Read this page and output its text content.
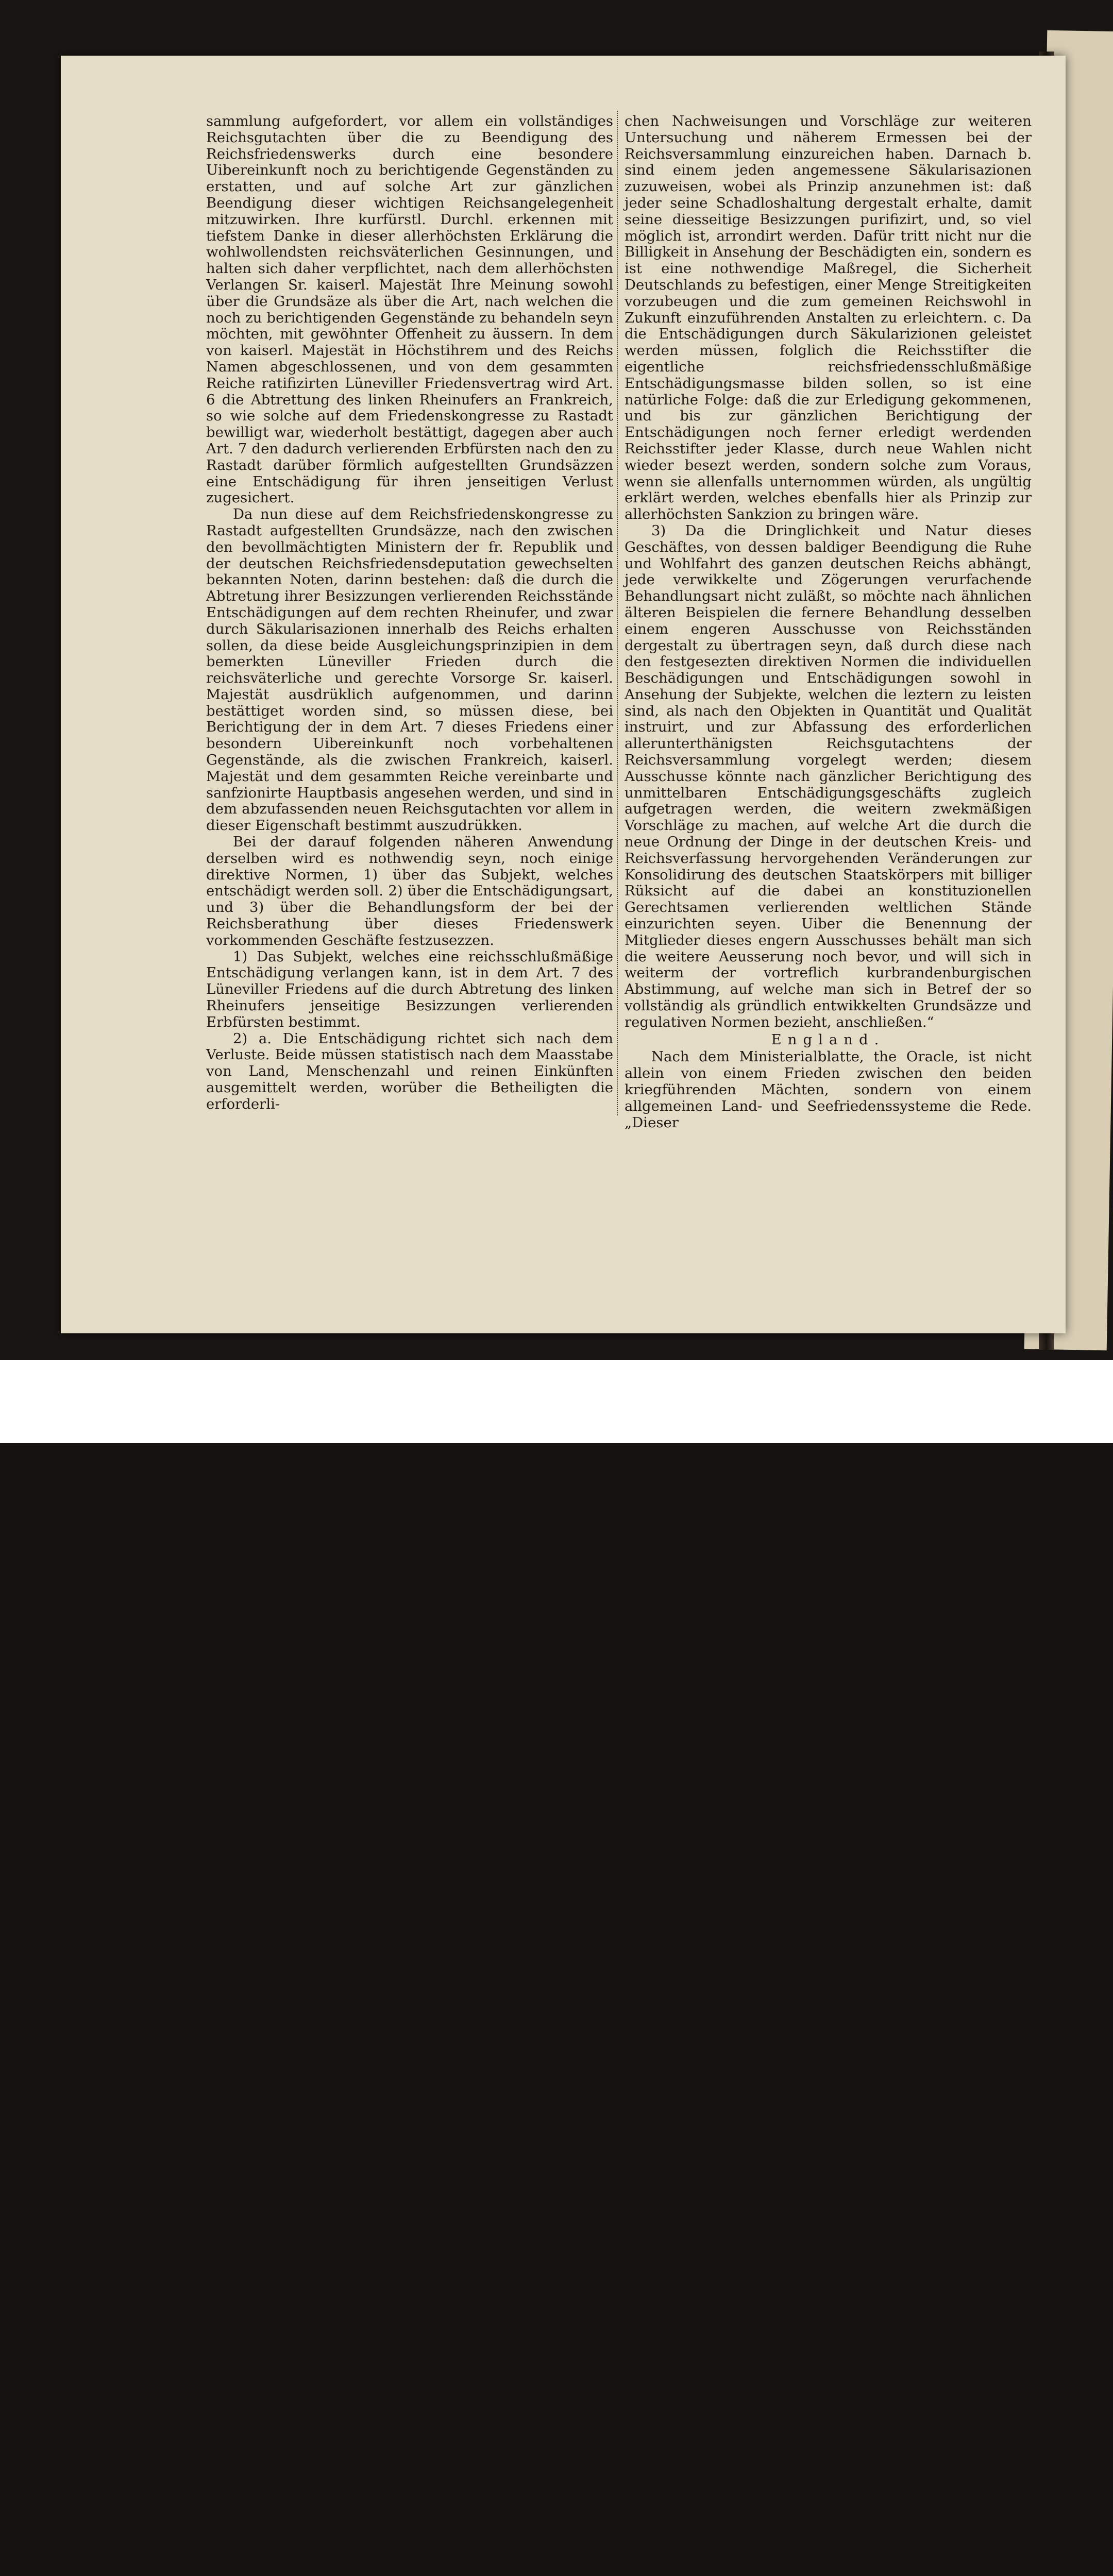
sammlung aufgefordert, vor allem ein vollständiges Reichsgutachten über die zu Beendigung des Reichsfriedenswerks durch eine besondere Uibereinkunft noch zu berichtigende Gegenständen zu erstatten, und auf solche Art zur gänzlichen Beendigung dieser wichtigen Reichsangelegenheit mitzuwirken. Ihre kurfürstl. Durchl. erkennen mit tiefstem Danke in dieser allerhöchsten Erklärung die wohlwollendsten reichsväterlichen Gesinnungen, und halten sich daher verpflichtet, nach dem allerhöchsten Verlangen Sr. kaiserl. Majestät Ihre Meinung sowohl über die Grundsäze als über die Art, nach welchen die noch zu berichtigenden Gegenstände zu behandeln seyn möchten, mit gewöhnter Offenheit zu äussern. In dem von kaiserl. Majestät in Höchstihrem und des Reichs Namen abgeschlossenen, und von dem gesammten Reiche ratifizirten Lüneviller Friedensvertrag wird Art. 6 die Abtrettung des linken Rheinufers an Frankreich, so wie solche auf dem Friedenskongresse zu Rastadt bewilligt war, wiederholt bestättigt, dagegen aber auch Art. 7 den dadurch verlierenden Erbfürsten nach den zu Rastadt darüber förmlich aufgestellten Grundsäzzen eine Entschädigung für ihren jenseitigen Verlust zugesichert.

Da nun diese auf dem Reichsfriedenskongresse zu Rastadt aufgestellten Grundsäzze, nach den zwischen den bevollmächtigten Ministern der fr. Republik und der deutschen Reichsfriedensdeputation gewechselten bekannten Noten, darinn bestehen: daß die durch die Abtretung ihrer Besizzungen verlierenden Reichsstände Entschädigungen auf dem rechten Rheinufer, und zwar durch Säkularisazionen innerhalb des Reichs erhalten sollen, da diese beide Ausgleichungsprinzipien in dem bemerkten Lüneviller Frieden durch die reichsväterliche und gerechte Vorsorge Sr. kaiserl. Majestät ausdrüklich aufgenommen, und darinn bestättiget worden sind, so müssen diese, bei Berichtigung der in dem Art. 7 dieses Friedens einer besondern Uibereinkunft noch vorbehaltenen Gegenstände, als die zwischen Frankreich, kaiserl. Majestät und dem gesammten Reiche vereinbarte und sanfzionirte Hauptbasis angesehen werden, und sind in dem abzufassenden neuen Reichsgutachten vor allem in dieser Eigenschaft bestimmt auszudrükken.

Bei der darauf folgenden näheren Anwendung derselben wird es nothwendig seyn, noch einige direktive Normen, 1) über das Subjekt, welches entschädigt werden soll. 2) über die Entschädigungsart, und 3) über die Behandlungsform der bei der Reichsberathung über dieses Friedenswerk vorkommenden Geschäfte festzusezzen.

1) Das Subjekt, welches eine reichsschlußmäßige Entschädigung verlangen kann, ist in dem Art. 7 des Lüneviller Friedens auf die durch Abtretung des linken Rheinufers jenseitige Besizzungen verlierenden Erbfürsten bestimmt.

2) a. Die Entschädigung richtet sich nach dem Verluste. Beide müssen statistisch nach dem Maasstabe von Land, Menschenzahl und reinen Einkünften ausgemittelt werden, worüber die Betheiligten die erforderli-

chen Nachweisungen und Vorschläge zur weiteren Untersuchung und näherem Ermessen bei der Reichsversammlung einzureichen haben. Darnach b. sind einem jeden angemessene Säkularisazionen zuzuweisen, wobei als Prinzip anzunehmen ist: daß jeder seine Schadloshaltung dergestalt erhalte, damit seine diesseitige Besizzungen purifizirt, und, so viel möglich ist, arrondirt werden. Dafür tritt nicht nur die Billigkeit in Ansehung der Beschädigten ein, sondern es ist eine nothwendige Maßregel, die Sicherheit Deutschlands zu befestigen, einer Menge Streitigkeiten vorzubeugen und die zum gemeinen Reichswohl in Zukunft einzuführenden Anstalten zu erleichtern. c. Da die Entschädigungen durch Säkularizionen geleistet werden müssen, folglich die Reichsstifter die eigentliche reichsfriedensschlußmäßige Entschädigungsmasse bilden sollen, so ist eine natürliche Folge: daß die zur Erledigung gekommenen, und bis zur gänzlichen Berichtigung der Entschädigungen noch ferner erledigt werdenden Reichsstifter jeder Klasse, durch neue Wahlen nicht wieder besezt werden, sondern solche zum Voraus, wenn sie allenfalls unternommen würden, als ungültig erklärt werden, welches ebenfalls hier als Prinzip zur allerhöchsten Sankzion zu bringen wäre.

3) Da die Dringlichkeit und Natur dieses Geschäftes, von dessen baldiger Beendigung die Ruhe und Wohlfahrt des ganzen deutschen Reichs abhängt, jede verwikkelte und Zögerungen verurfachende Behandlungsart nicht zuläßt, so möchte nach ähnlichen älteren Beispielen die fernere Behandlung desselben einem engeren Ausschusse von Reichsständen dergestalt zu übertragen seyn, daß durch diese nach den festgesezten direktiven Normen die individuellen Beschädigungen und Entschädigungen sowohl in Ansehung der Subjekte, welchen die leztern zu leisten sind, als nach den Objekten in Quantität und Qualität instruirt, und zur Abfassung des erforderlichen allerunterthänigsten Reichsgutachtens der Reichsversammlung vorgelegt werden; diesem Ausschusse könnte nach gänzlicher Berichtigung des unmittelbaren Entschädigungsgeschäfts zugleich aufgetragen werden, die weitern zwekmäßigen Vorschläge zu machen, auf welche Art die durch die neue Ordnung der Dinge in der deutschen Kreis- und Reichsverfassung hervorgehenden Veränderungen zur Konsolidirung des deutschen Staatskörpers mit billiger Rüksicht auf die dabei an konstituzionellen Gerechtsamen verlierenden weltlichen Stände einzurichten seyen. Uiber die Benennung der Mitglieder dieses engern Ausschusses behält man sich die weitere Aeusserung noch bevor, und will sich in weiterm der vortreflich kurbrandenburgischen Abstimmung, auf welche man sich in Betref der so vollständig als gründlich entwikkelten Grundsäzze und regulativen Normen bezieht, anschließen.“

England.

Nach dem Ministerialblatte, the Oracle, ist nicht allein von einem Frieden zwischen den beiden kriegführenden Mächten, sondern von einem allgemeinen Land- und Seefriedenssysteme die Rede. „Dieser
